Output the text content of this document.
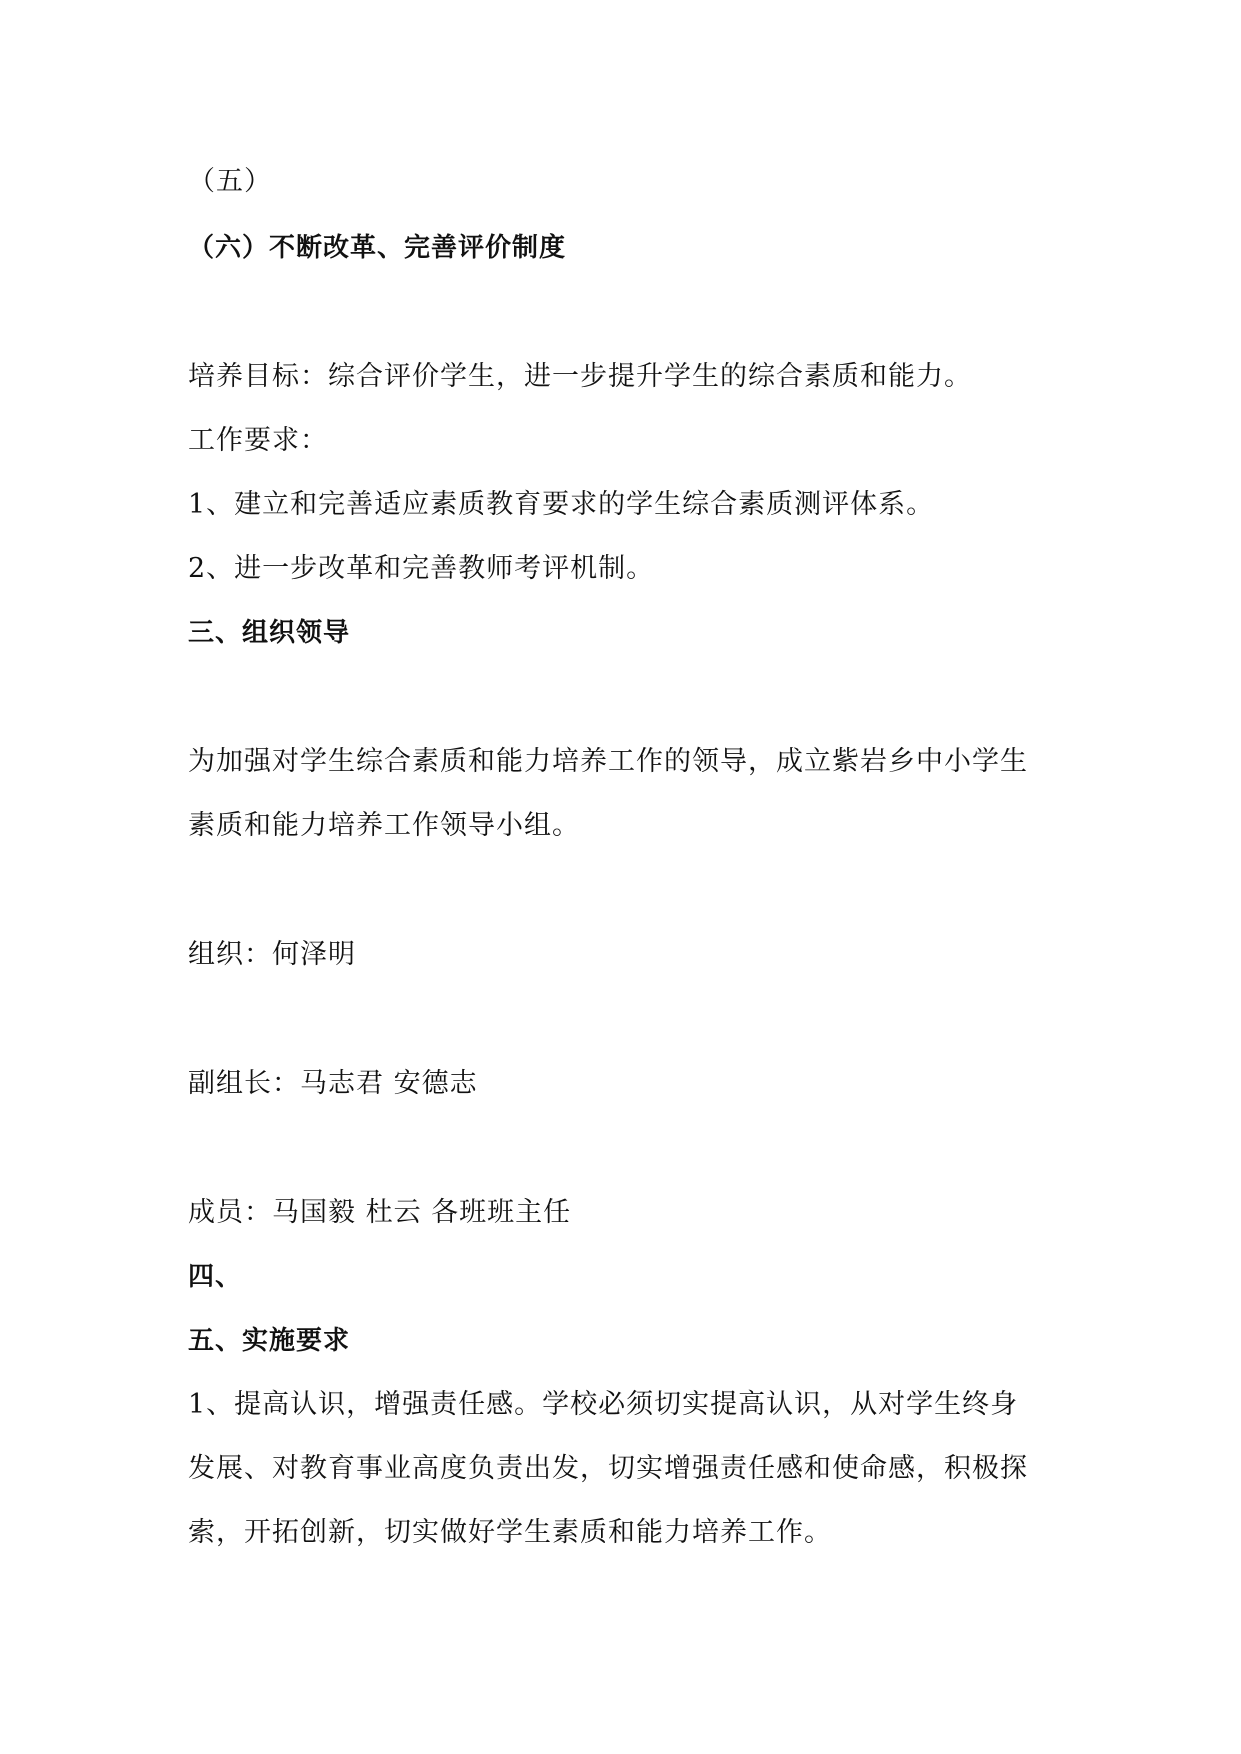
（五）

（六）不断改革、完善评价制度

培养目标：综合评价学生，进一步提升学生的综合素质和能力。

工作要求：

1、建立和完善适应素质教育要求的学生综合素质测评体系。

2、进一步改革和完善教师考评机制。

三、组织领导

为加强对学生综合素质和能力培养工作的领导，成立紫岩乡中小学生

素质和能力培养工作领导小组。

组织：何泽明

副组长：马志君 安德志

成员：马国毅 杜云 各班班主任

四、

五、实施要求

1、提高认识，增强责任感。学校必须切实提高认识，从对学生终身

发展、对教育事业高度负责出发，切实增强责任感和使命感，积极探

索，开拓创新，切实做好学生素质和能力培养工作。
